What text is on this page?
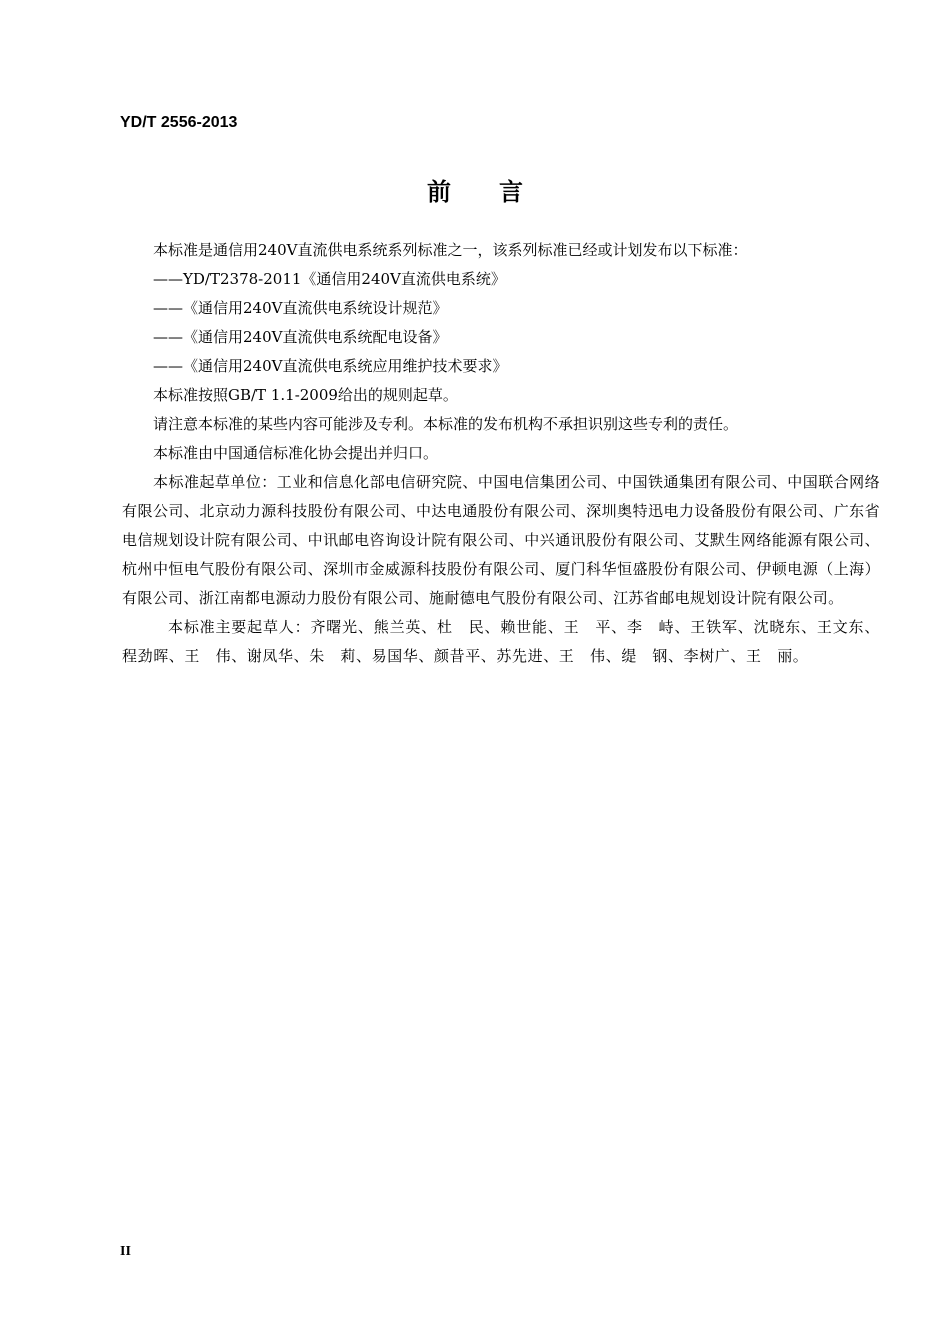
YD/T 2556-2013
前言
本标准是通信用240V直流供电系统系列标准之一，该系列标准已经或计划发布以下标准：
——YD/T2378-2011《通信用240V直流供电系统》
——《通信用240V直流供电系统设计规范》
——《通信用240V直流供电系统配电设备》
——《通信用240V直流供电系统应用维护技术要求》
本标准按照GB/T 1.1-2009给出的规则起草。
请注意本标准的某些内容可能涉及专利。本标准的发布机构不承担识别这些专利的责任。
本标准由中国通信标准化协会提出并归口。
本标准起草单位：工业和信息化部电信研究院、中国电信集团公司、中国铁通集团有限公司、中国联合网络有限公司、北京动力源科技股份有限公司、中达电通股份有限公司、深圳奥特迅电力设备股份有限公司、广东省电信规划设计院有限公司、中讯邮电咨询设计院有限公司、中兴通讯股份有限公司、艾默生网络能源有限公司、杭州中恒电气股份有限公司、深圳市金威源科技股份有限公司、厦门科华恒盛股份有限公司、伊顿电源（上海）有限公司、浙江南都电源动力股份有限公司、施耐德电气股份有限公司、江苏省邮电规划设计院有限公司。
本标准主要起草人：齐曙光、熊兰英、杜　民、赖世能、王　平、李　峙、王铁军、沈晓东、王文东、程劲晖、王　伟、谢凤华、朱　莉、易国华、颜昔平、苏先进、王　伟、缇　钢、李树广、王　丽。
II
